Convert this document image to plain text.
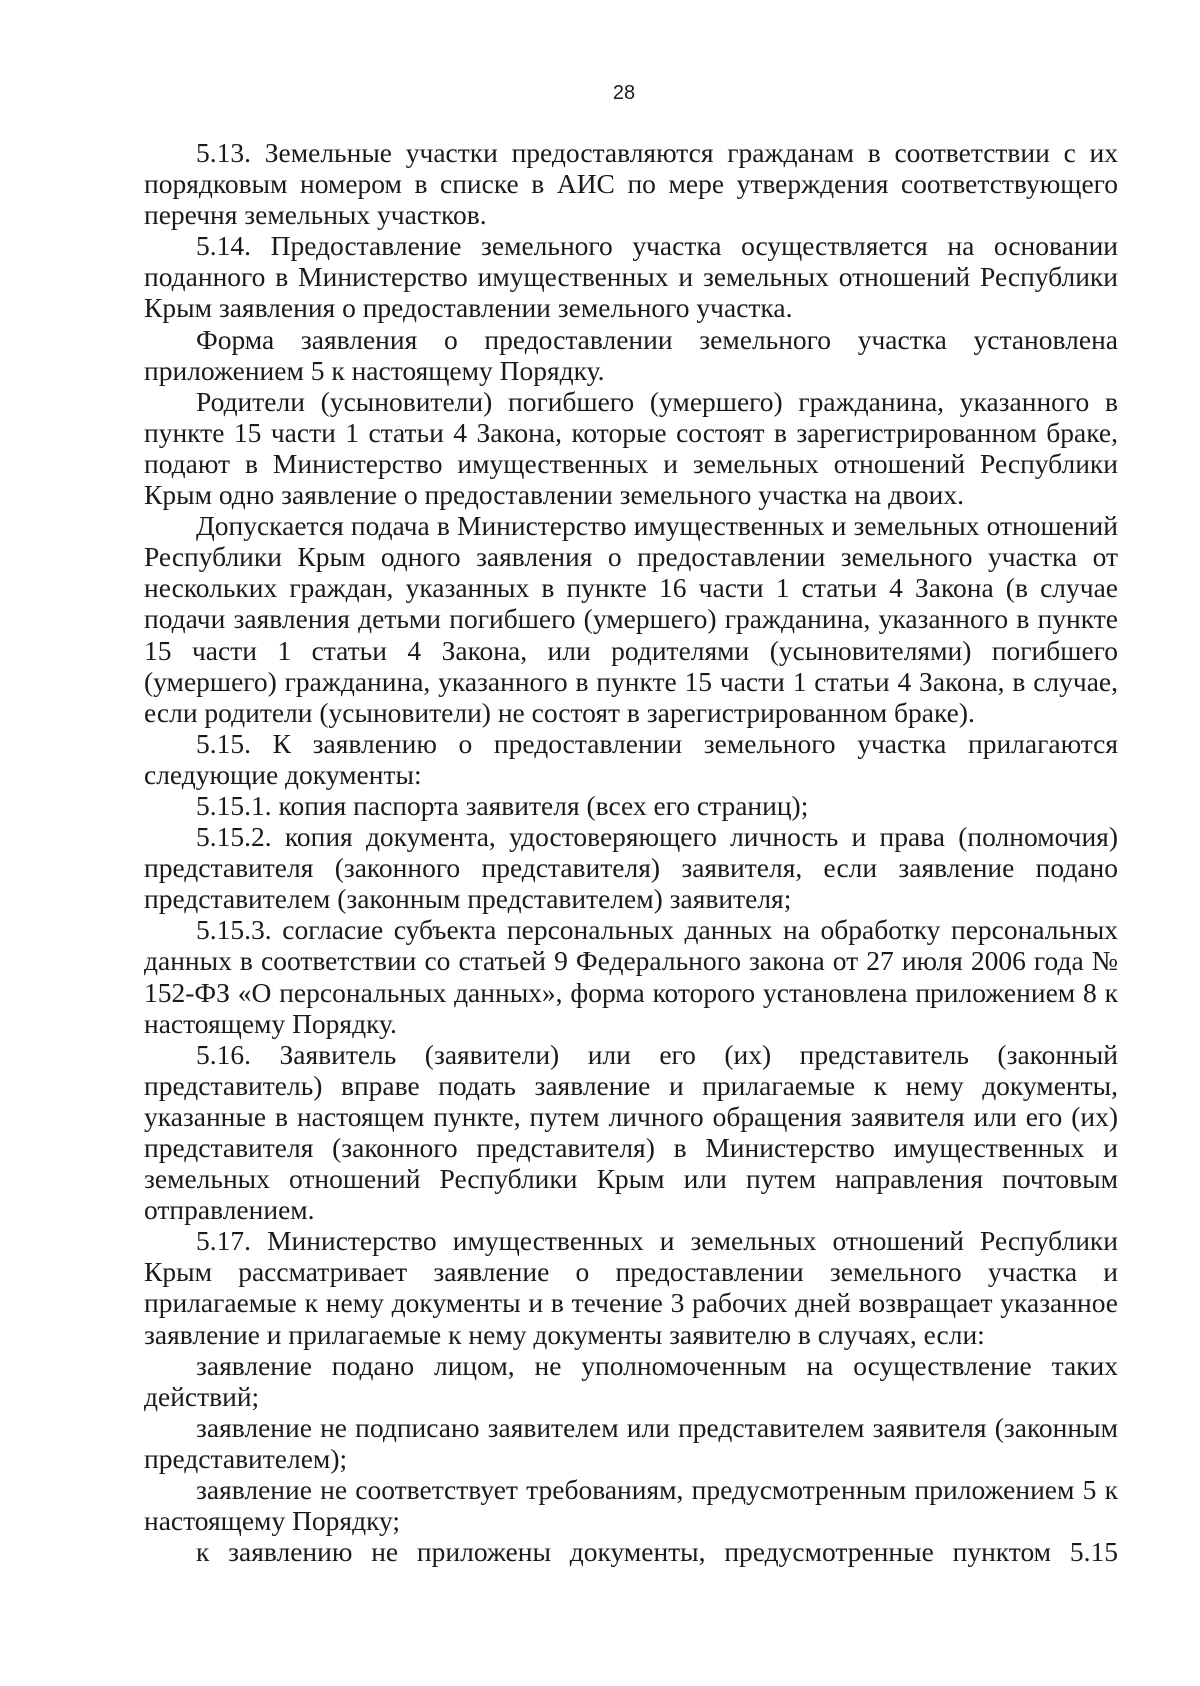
28

5.13. Земельные участки предоставляются гражданам в соответствии с их порядковым номером в списке в АИС по мере утверждения соответствующего перечня земельных участков.

5.14. Предоставление земельного участка осуществляется на основании поданного в Министерство имущественных и земельных отношений Республики Крым заявления о предоставлении земельного участка.

Форма заявления о предоставлении земельного участка установлена приложением 5 к настоящему Порядку.

Родители (усыновители) погибшего (умершего) гражданина, указанного в пункте 15 части 1 статьи 4 Закона, которые состоят в зарегистрированном браке, подают в Министерство имущественных и земельных отношений Республики Крым одно заявление о предоставлении земельного участка на двоих.

Допускается подача в Министерство имущественных и земельных отношений Республики Крым одного заявления о предоставлении земельного участка от нескольких граждан, указанных в пункте 16 части 1 статьи 4 Закона (в случае подачи заявления детьми погибшего (умершего) гражданина, указанного в пункте 15 части 1 статьи 4 Закона, или родителями (усыновителями) погибшего (умершего) гражданина, указанного в пункте 15 части 1 статьи 4 Закона, в случае, если родители (усыновители) не состоят в зарегистрированном браке).

5.15. К заявлению о предоставлении земельного участка прилагаются следующие документы:

5.15.1. копия паспорта заявителя (всех его страниц);

5.15.2. копия документа, удостоверяющего личность и права (полномочия) представителя (законного представителя) заявителя, если заявление подано представителем (законным представителем) заявителя;

5.15.3. согласие субъекта персональных данных на обработку персональных данных в соответствии со статьей 9 Федерального закона от 27 июля 2006 года № 152-ФЗ «О персональных данных», форма которого установлена приложением 8 к настоящему Порядку.

5.16. Заявитель (заявители) или его (их) представитель (законный представитель) вправе подать заявление и прилагаемые к нему документы, указанные в настоящем пункте, путем личного обращения заявителя или его (их) представителя (законного представителя) в Министерство имущественных и земельных отношений Республики Крым или путем направления почтовым отправлением.

5.17. Министерство имущественных и земельных отношений Республики Крым рассматривает заявление о предоставлении земельного участка и прилагаемые к нему документы и в течение 3 рабочих дней возвращает указанное заявление и прилагаемые к нему документы заявителю в случаях, если:

заявление подано лицом, не уполномоченным на осуществление таких действий;

заявление не подписано заявителем или представителем заявителя (законным представителем);

заявление не соответствует требованиям, предусмотренным приложением 5 к настоящему Порядку;

к заявлению не приложены документы, предусмотренные пунктом 5.15
